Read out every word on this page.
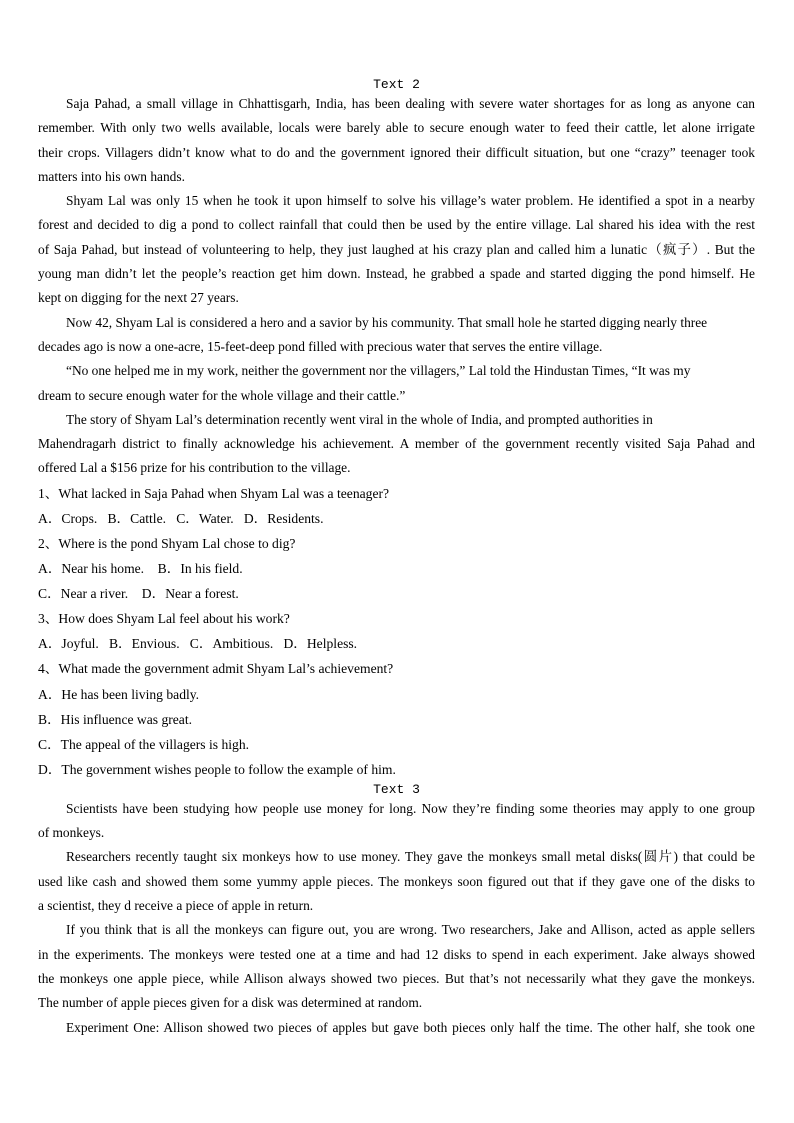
Text 2
Saja Pahad, a small village in Chhattisgarh, India, has been dealing with severe water shortages for as long as anyone can
remember. With only two wells available, locals were barely able to secure enough water to feed their cattle, let alone irrigate
their crops. Villagers didn’t know what to do and the government ignored their difficult situation, but one “crazy” teenager took
matters into his own hands.
Shyam Lal was only 15 when he took it upon himself to solve his village’s water problem. He identified a spot in a nearby
forest and decided to dig a pond to collect rainfall that could then be used by the entire village. Lal shared his idea with the rest
of Saja Pahad, but instead of volunteering to help, they just laughed at his crazy plan and called him a lunatic（疯子）. But the
young man didn’t let the people’s reaction get him down. Instead, he grabbed a spade and started digging the pond himself. He
kept on digging for the next 27 years.
Now 42, Shyam Lal is considered a hero and a savior by his community. That small hole he started digging nearly three
decades ago is now a one-acre, 15-feet-deep pond filled with precious water that serves the entire village.
“No one helped me in my work, neither the government nor the villagers,” Lal told the Hindustan Times, “It was my
dream to secure enough water for the whole village and their cattle.”
The story of Shyam Lal’s determination recently went viral in the whole of India, and prompted authorities in
Mahendragarh district to finally acknowledge his achievement. A member of the government recently visited Saja Pahad and
offered Lal a $156 prize for his contribution to the village.
1、What lacked in Saja Pahad when Shyam Lal was a teenager?
A．Crops.   B．Cattle.   C．Water.   D．Residents.
2、Where is the pond Shyam Lal chose to dig?
A．Near his home.    B．In his field.
C．Near a river.    D．Near a forest.
3、How does Shyam Lal feel about his work?
A．Joyful.   B．Envious.   C．Ambitious.   D．Helpless.
4、What made the government admit Shyam Lal’s achievement?
A．He has been living badly.
B．His influence was great.
C．The appeal of the villagers is high.
D．The government wishes people to follow the example of him.
Text 3
Scientists have been studying how people use money for long. Now they’re finding some theories may apply to one group
of monkeys.
Researchers recently taught six monkeys how to use money. They gave the monkeys small metal disks(圆片) that could be
used like cash and showed them some yummy apple pieces. The monkeys soon figured out that if they gave one of the disks to
a scientist, they d receive a piece of apple in return.
If you think that is all the monkeys can figure out, you are wrong. Two researchers, Jake and Allison, acted as apple sellers
in the experiments. The monkeys were tested one at a time and had 12 disks to spend in each experiment. Jake always showed
the monkeys one apple piece, while Allison always showed two pieces. But that’s not necessarily what they gave the monkeys.
The number of apple pieces given for a disk was determined at random.
Experiment One: Allison showed two pieces of apples but gave both pieces only half the time. The other half, she took one
